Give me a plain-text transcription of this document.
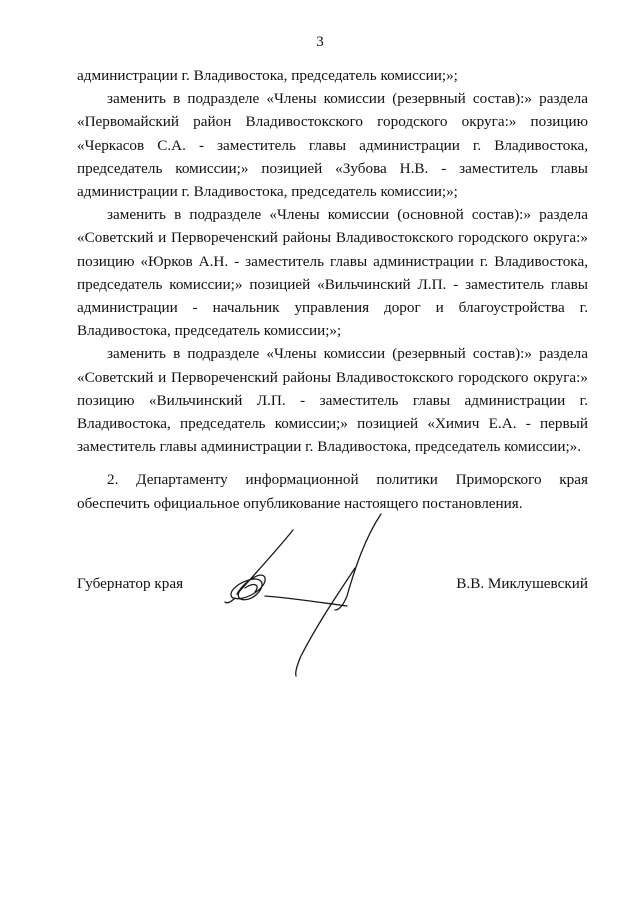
3

администрации г. Владивостока, председатель комиссии;»;

заменить в подразделе «Члены комиссии (резервный состав):» раздела «Первомайский район Владивостокского городского округа:» позицию «Черкасов С.А. - заместитель главы администрации г. Владивостока, председатель комиссии;» позицией «Зубова Н.В. - заместитель главы администрации г. Владивостока, председатель комиссии;»;

заменить в подразделе «Члены комиссии (основной состав):» раздела «Советский и Первореченский районы Владивостокского городского округа:» позицию «Юрков А.Н. - заместитель главы администрации г. Владивостока, председатель комиссии;» позицией «Вильчинский Л.П. - заместитель главы администрации - начальник управления дорог и благоустройства г. Владивостока, председатель комиссии;»;

заменить в подразделе «Члены комиссии (резервный состав):» раздела «Советский и Первореченский районы Владивостокского городского округа:» позицию «Вильчинский Л.П. - заместитель главы администрации г. Владивостока, председатель комиссии;» позицией «Химич Е.А. - первый заместитель главы администрации г. Владивостока, председатель комиссии;».

2. Департаменту информационной политики Приморского края обеспечить официальное опубликование настоящего постановления.

Губернатор края	В.В. Миклушевский
